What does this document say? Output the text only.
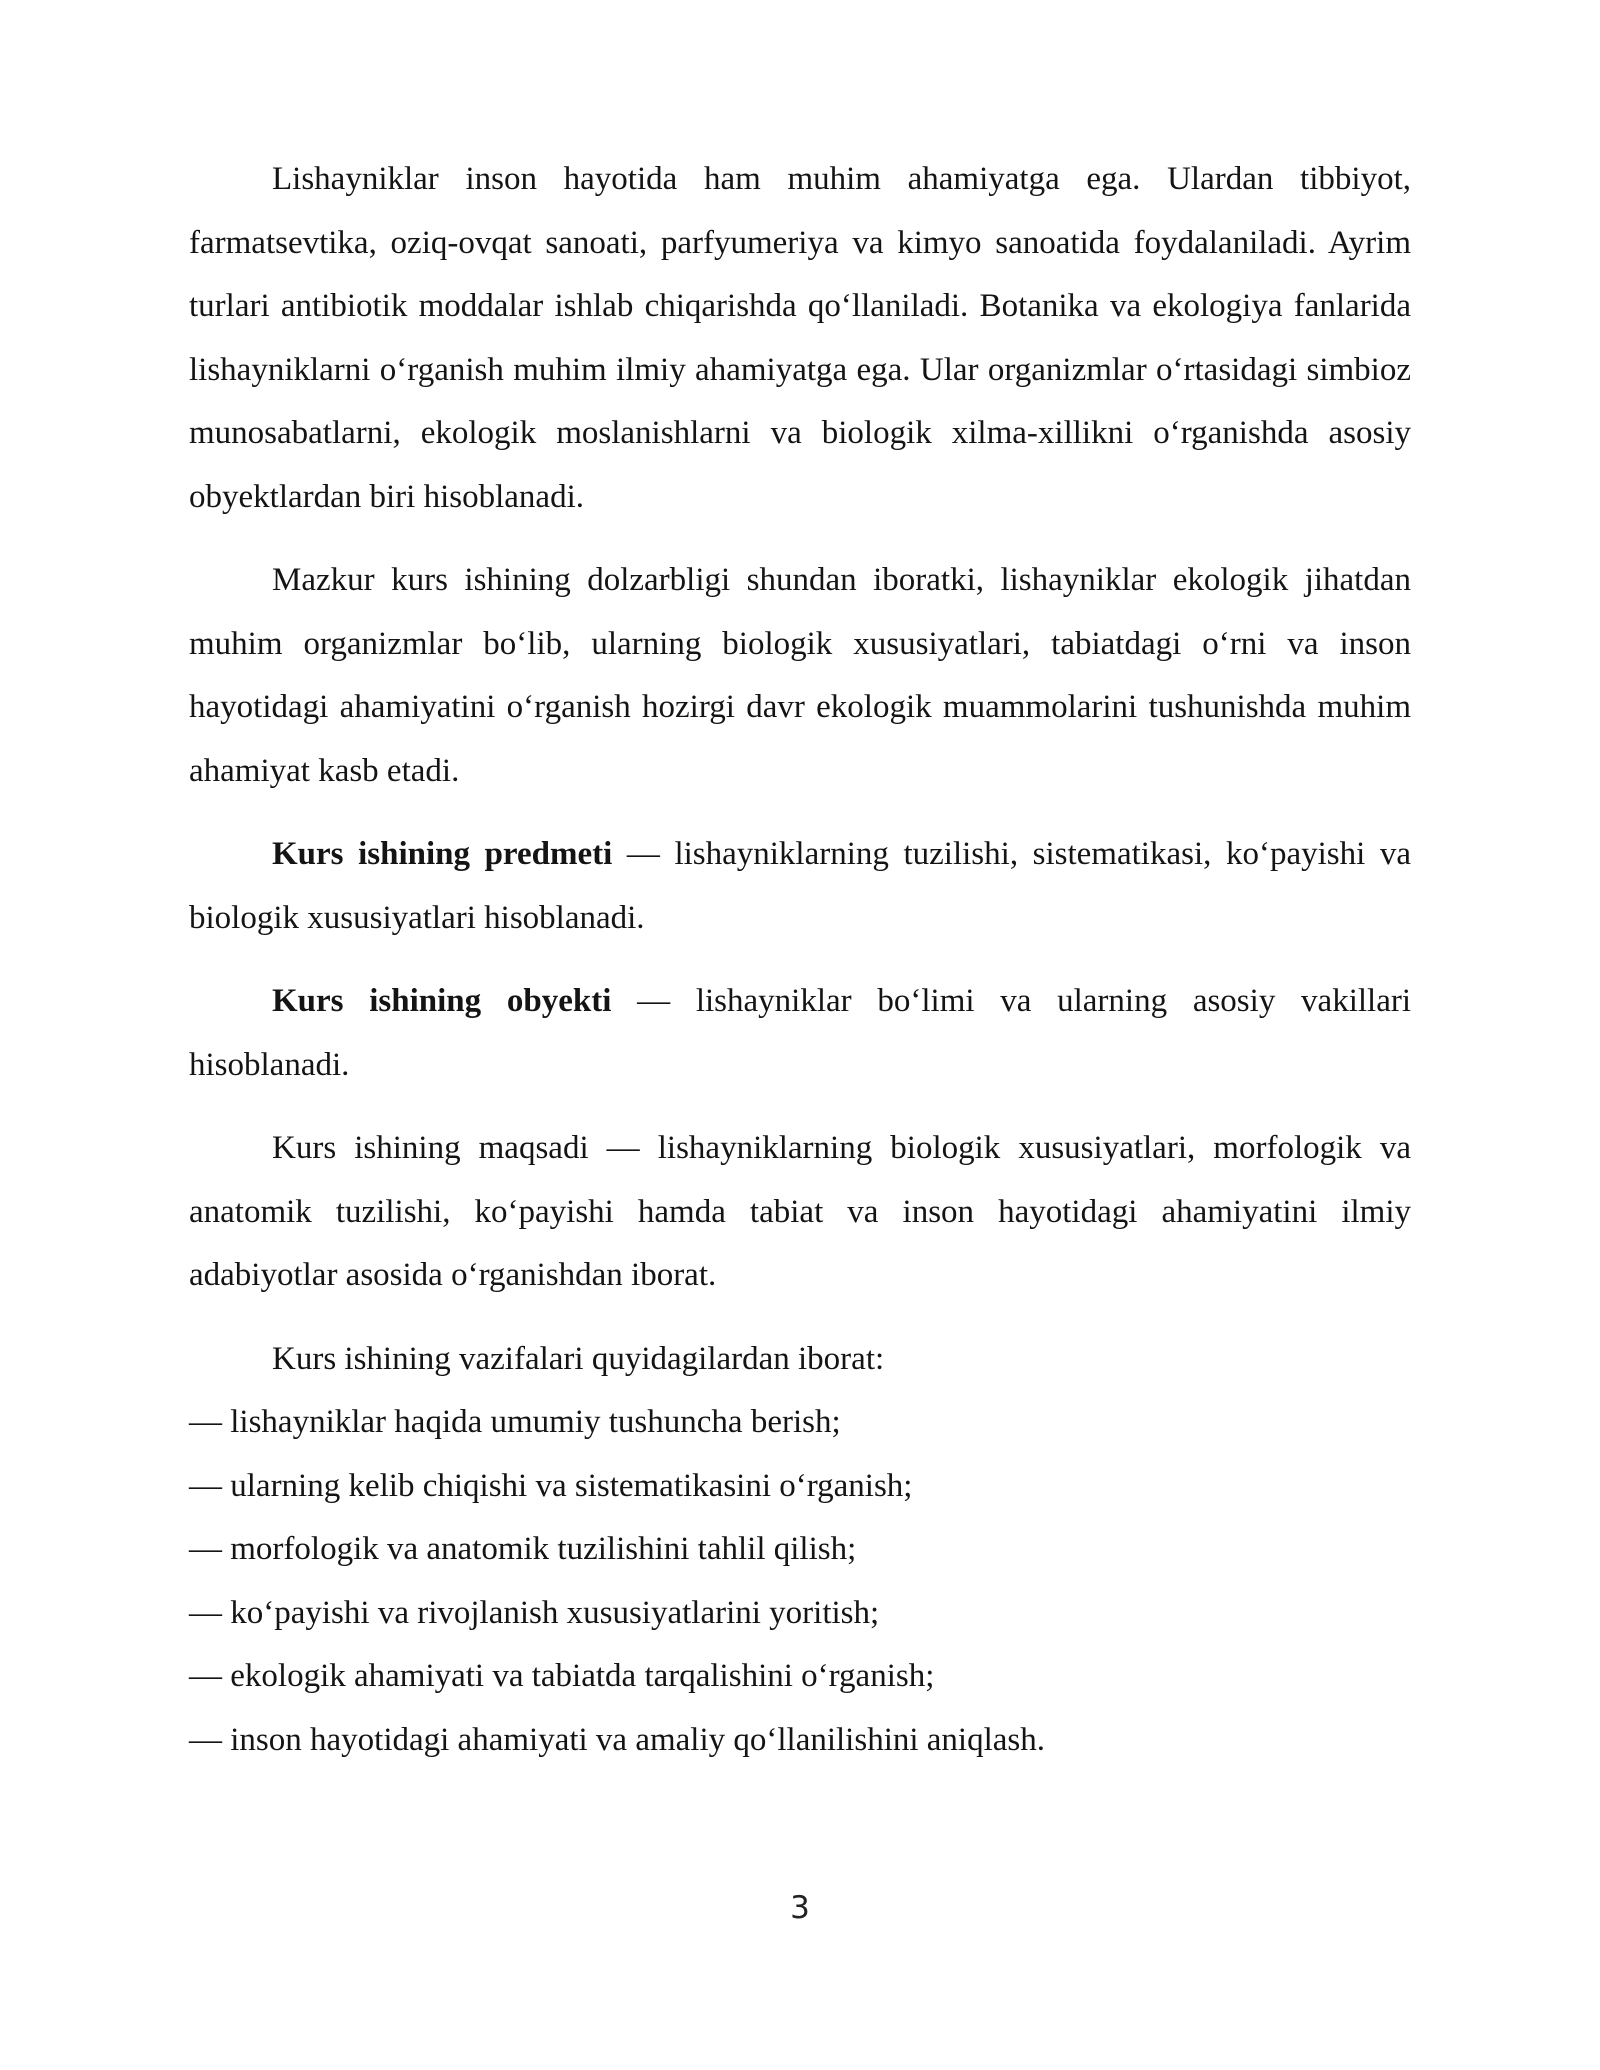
Lishayniklar inson hayotida ham muhim ahamiyatga ega. Ulardan tibbiyot, farmatsevtika, oziq-ovqat sanoati, parfyumeriya va kimyo sanoatida foydalaniladi. Ayrim turlari antibiotik moddalar ishlab chiqarishda qo‘llaniladi. Botanika va ekologiya fanlarida lishayniklarni o‘rganish muhim ilmiy ahamiyatga ega. Ular organizmlar o‘rtasidagi simbioz munosabatlarni, ekologik moslanishlarni va biologik xilma-xillikni o‘rganishda asosiy obyektlardan biri hisoblanadi.

Mazkur kurs ishining dolzarbligi shundan iboratki, lishayniklar ekologik jihatdan muhim organizmlar bo‘lib, ularning biologik xususiyatlari, tabiatdagi o‘rni va inson hayotidagi ahamiyatini o‘rganish hozirgi davr ekologik muammolarini tushunishda muhim ahamiyat kasb etadi.

Kurs ishining predmeti — lishayniklarning tuzilishi, sistematikasi, ko‘payishi va biologik xususiyatlari hisoblanadi.

Kurs ishining obyekti — lishayniklar bo‘limi va ularning asosiy vakillari hisoblanadi.

Kurs ishining maqsadi — lishayniklarning biologik xususiyatlari, morfologik va anatomik tuzilishi, ko‘payishi hamda tabiat va inson hayotidagi ahamiyatini ilmiy adabiyotlar asosida o‘rganishdan iborat.

Kurs ishining vazifalari quyidagilardan iborat:

— lishayniklar haqida umumiy tushuncha berish;
— ularning kelib chiqishi va sistematikasini o‘rganish;
— morfologik va anatomik tuzilishini tahlil qilish;
— ko‘payishi va rivojlanish xususiyatlarini yoritish;
— ekologik ahamiyati va tabiatda tarqalishini o‘rganish;
— inson hayotidagi ahamiyati va amaliy qo‘llanilishini aniqlash.
3
